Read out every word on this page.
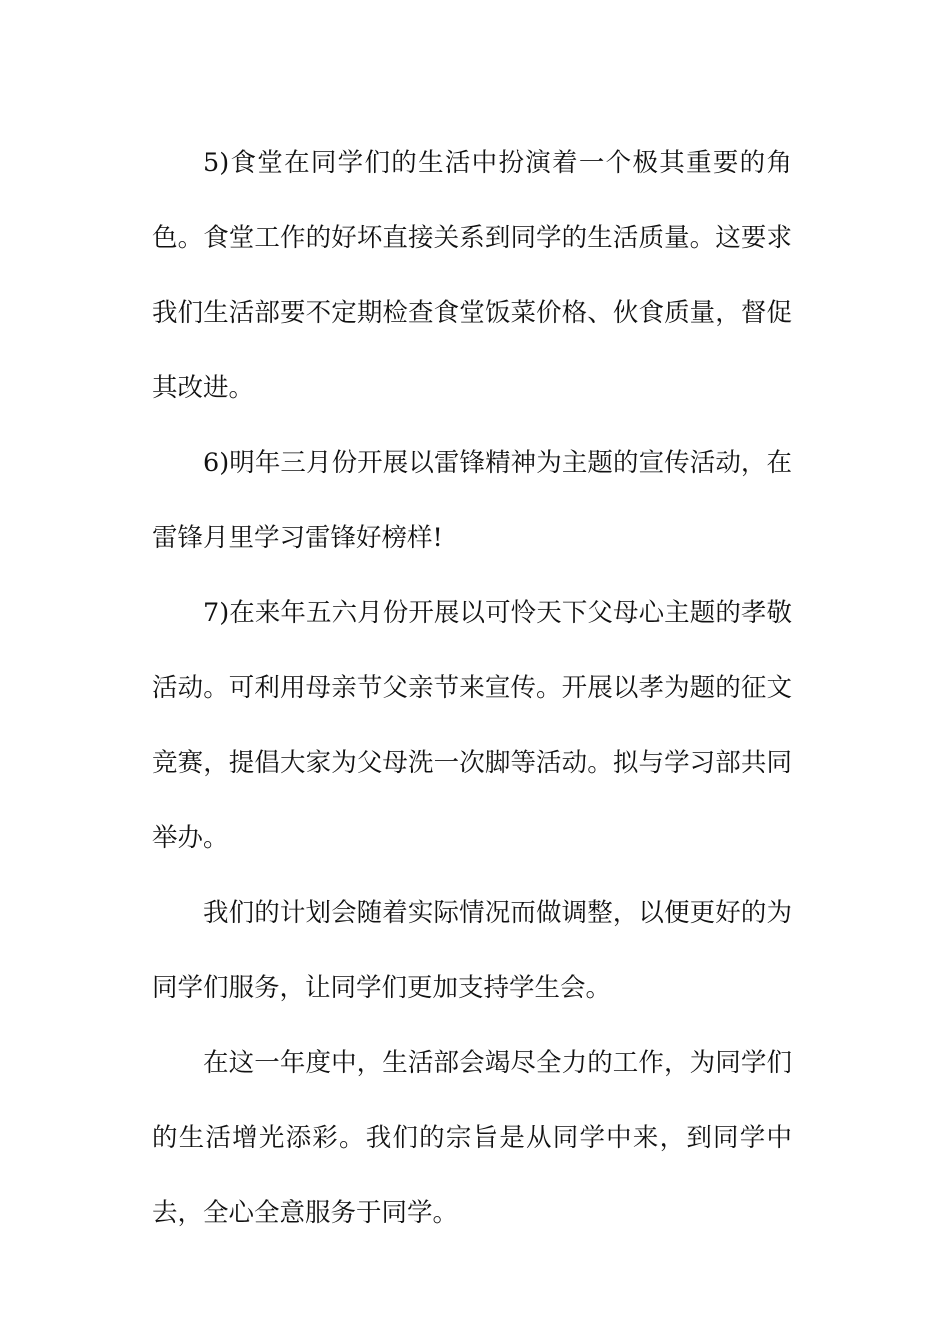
5)食堂在同学们的生活中扮演着一个极其重要的角色。食堂工作的好坏直接关系到同学的生活质量。这要求我们生活部要不定期检查食堂饭菜价格、伙食质量，督促其改进。

6)明年三月份开展以雷锋精神为主题的宣传活动，在雷锋月里学习雷锋好榜样!

7)在来年五六月份开展以可怜天下父母心主题的孝敬活动。可利用母亲节父亲节来宣传。开展以孝为题的征文竞赛，提倡大家为父母洗一次脚等活动。拟与学习部共同举办。

我们的计划会随着实际情况而做调整，以便更好的为同学们服务，让同学们更加支持学生会。

在这一年度中，生活部会竭尽全力的工作，为同学们的生活增光添彩。我们的宗旨是从同学中来，到同学中去，全心全意服务于同学。
